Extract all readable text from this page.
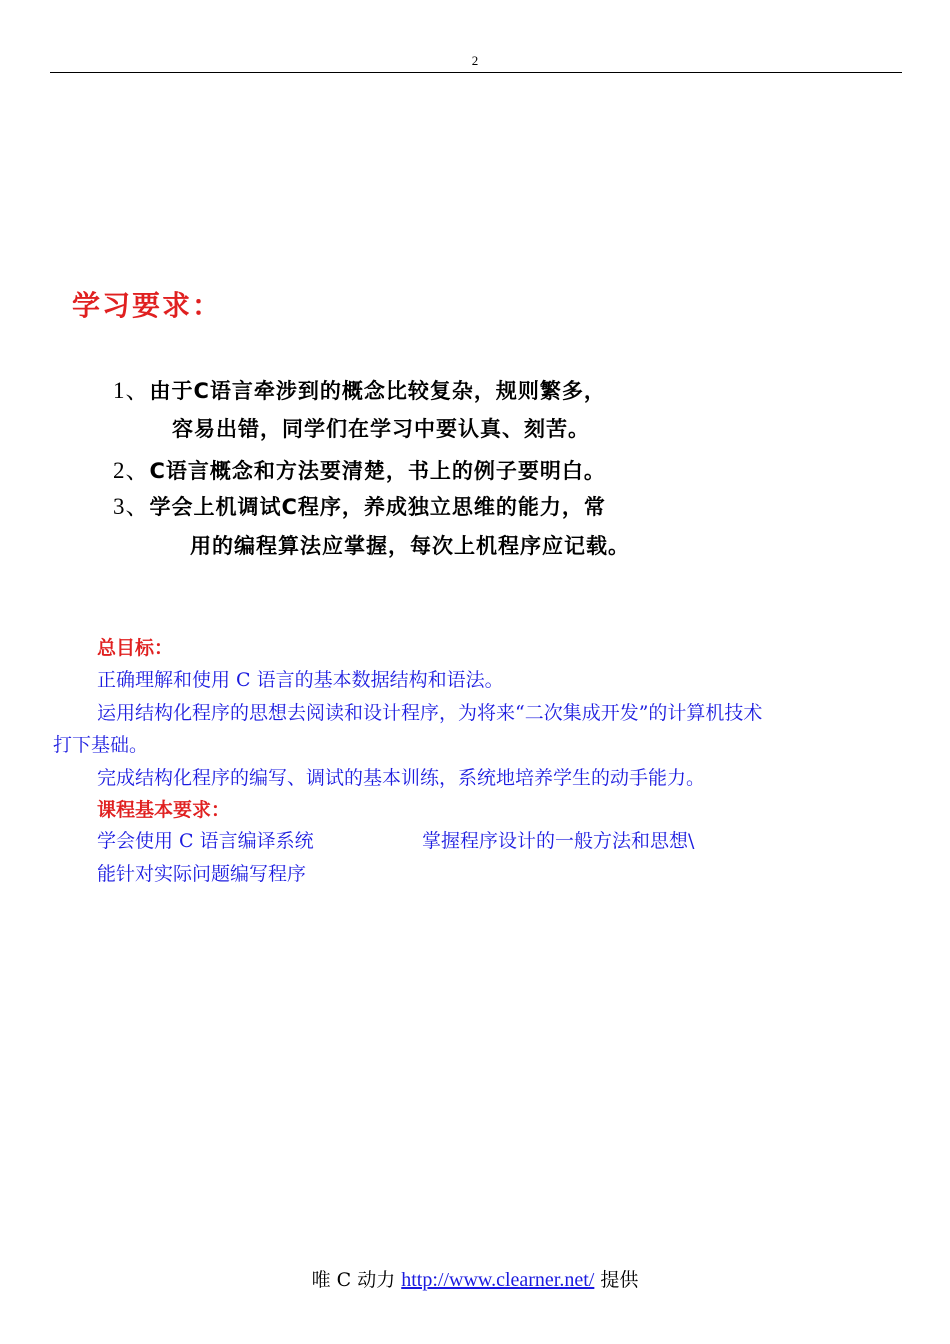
2
学习要求：
1、由于C语言牵涉到的概念比较复杂，规则繁多，
容易出错，同学们在学习中要认真、刻苦。
2、C语言概念和方法要清楚，书上的例子要明白。
3、学会上机调试C程序，养成独立思维的能力，常
用的编程算法应掌握，每次上机程序应记载。
总目标：
正确理解和使用 C 语言的基本数据结构和语法。
运用结构化程序的思想去阅读和设计程序，为将来“二次集成开发”的计算机技术
打下基础。
完成结构化程序的编写、调试的基本训练，系统地培养学生的动手能力。
课程基本要求：
学会使用 C 语言编译系统	掌握程序设计的一般方法和思想\
能针对实际问题编写程序
唯 C 动力 http://www.clearner.net/ 提供
